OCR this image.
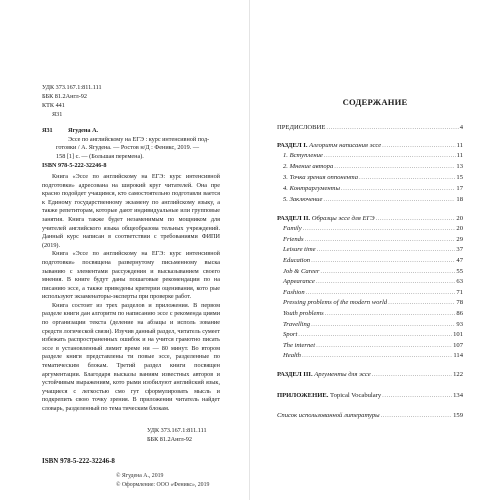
УДК 373.167.1:811.111
ББК 81.2Англ-92
КТК 441
Я31
Я31	Ягудена А.
Эссе по английскому на ЕГЭ : курс интенсивной под-
готовки / А. Ягудена. — Ростов н/Д : Феникс, 2019. —
158 [1] с. — (Большая перемена).
ISBN 978-5-222-32246-8

Книга «Эссе по английскому на ЕГЭ: курс интенсивной подготовки» адресована на широкий круг читателей. Она пре красно подойдет учащимся, кто самостоятельно подготавли вается к Единому государственному экзамену по английскому языку, а также репетиторам, которые дают индивидуальные или групповые занятия. Книга также будет незаменимым по мощником для учителей английского языка общеобразова тельных учреждений. Данный курс написан в соответствии с требованиями ФИПИ (2019).

Книга «Эссе по английскому на ЕГЭ: курс интенсивной подготовки» посвящена развернутому письменному выска зыванию с элементами рассуждения и высказыванием своего мнения. В книге будут даны пошаговые рекомендации по на писанию эссе, а также приведены критерии оценивания, кото рые используют экзаменаторы-эксперты при проверке работ.

Книга состоит из трех разделов и приложения. В первом разделе книги дан алгоритм по написанию эссе с рекоменда циями по организации текста (деление на абзацы и исполь зование средств логической связи). Изучив данный раздел, читатель сумеет избежать распространенных ошибок и на учится грамотно писать эссе в установленный лимит време ни — 80 минут. Во втором разделе книги представлены ти повые эссе, разделенные по тематическим блокам. Третий раздел книги посвящен аргументации. Благодаря высказы ваниям известных авторов и устойчивым выражениям, кото рыми изобилуют английский язык, учащиеся с легкостью смо гут сформулировать мысль и подкрепить свою точку зрения. В приложении читатель найдет словарь, разделенный по тема тическим блокам.

УДК 373.167.1:811.111
ББК 81.2Англ-92
ISBN 978-5-222-32246-8
© Ягудена А., 2019
© Оформление: ООО «Феникс», 2019
СОДЕРЖАНИЕ
ПРЕДИСЛОВИЕ .....	4
РАЗДЕЛ I. Алгоритм написания эссе .....	11
1. Вступление .....	11
2. Мнение автора .....	13
3. Точка зрения оппонента .....	15
4. Контраргументы .....	17
5. Заключение .....	18
РАЗДЕЛ II. Образцы эссе для ЕГЭ .....	20
Family .....	20
Friends .....	29
Leisure time .....	37
Education .....	47
Job & Career .....	55
Appearance .....	63
Fashion .....	71
Pressing problems of the modern world .....	78
Youth problems .....	86
Travelling .....	93
Sport .....	101
The internet .....	107
Health .....	114
РАЗДЕЛ III. Аргументы для эссе .....	122
ПРИЛОЖЕНИЕ. Topical Vocabulary .....	134
Список использованной литературы .....	159
